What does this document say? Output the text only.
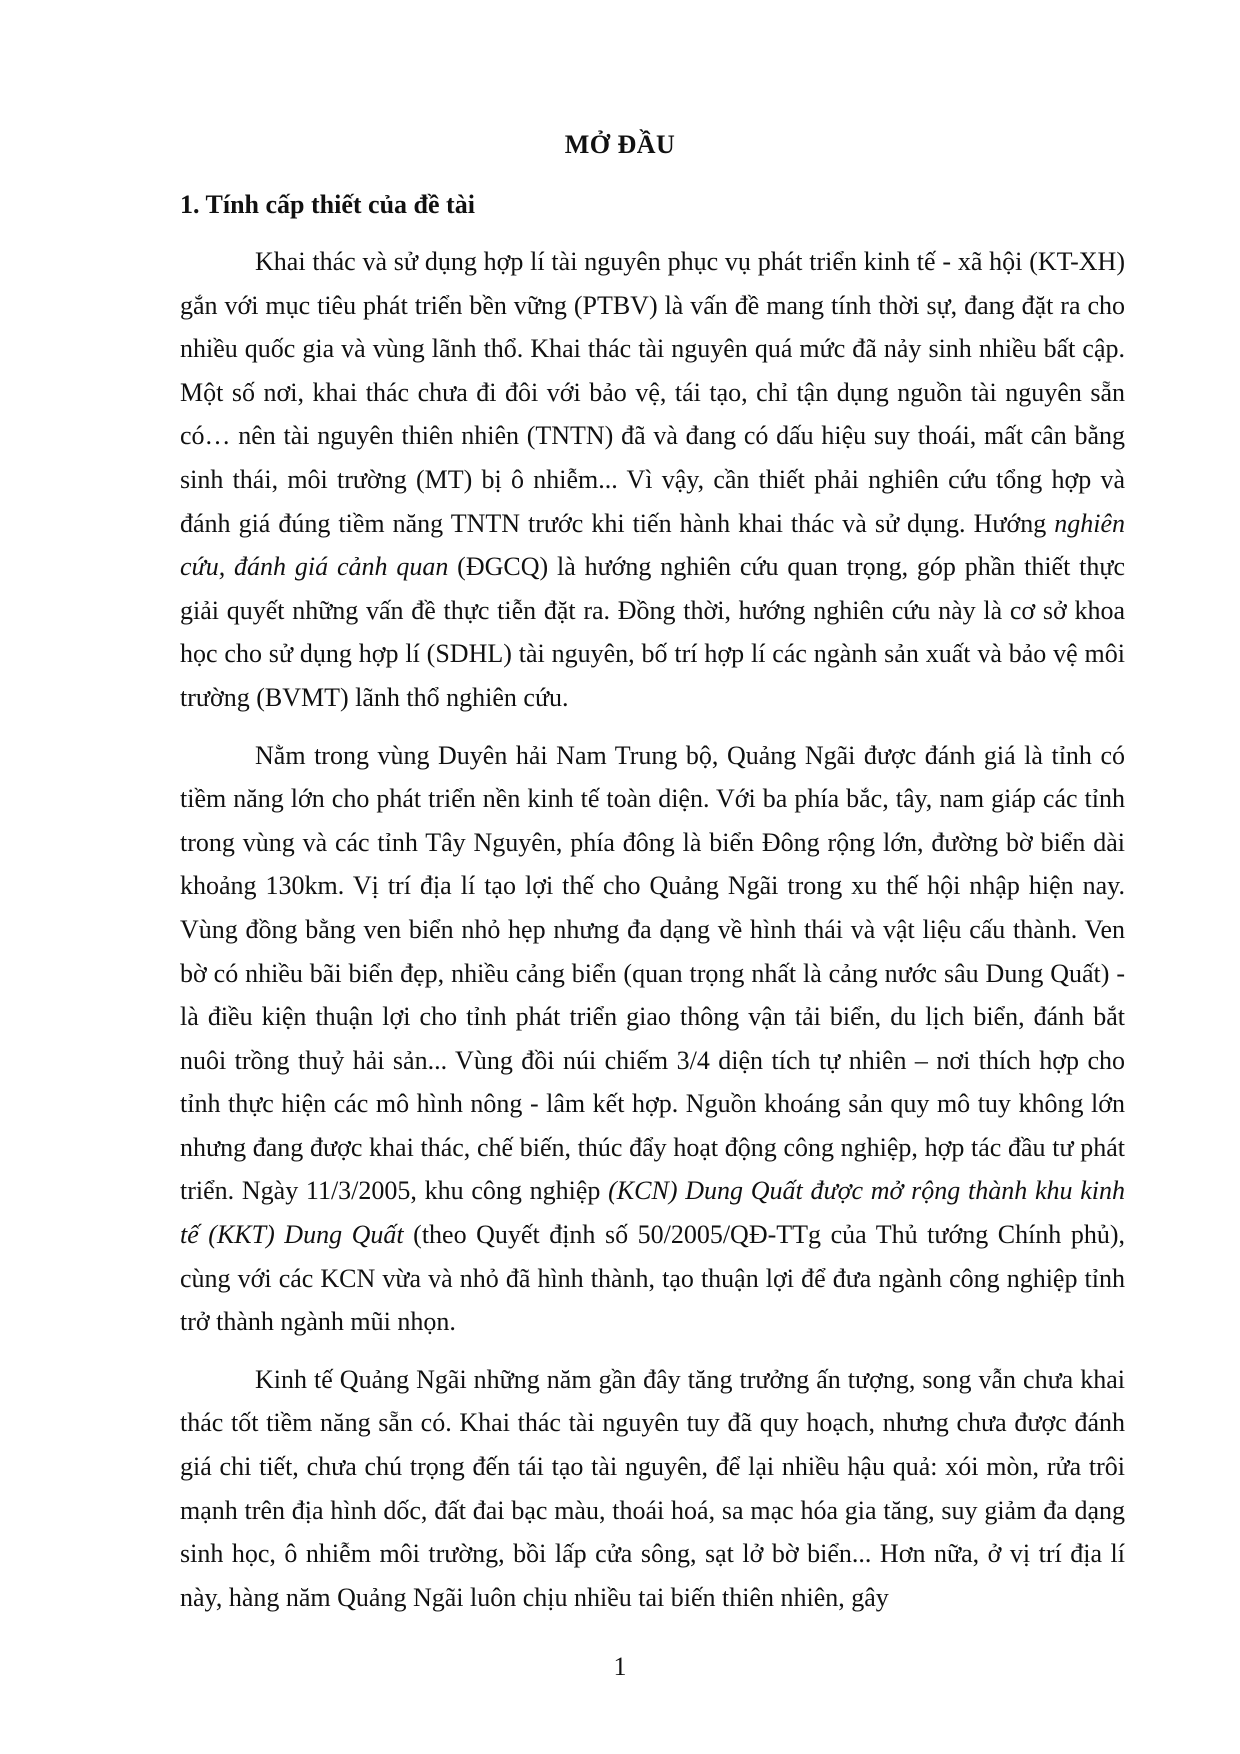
MỞ ĐẦU
1. Tính cấp thiết của đề tài

Khai thác và sử dụng hợp lí tài nguyên phục vụ phát triển kinh tế - xã hội (KT-XH) gắn với mục tiêu phát triển bền vững (PTBV) là vấn đề mang tính thời sự, đang đặt ra cho nhiều quốc gia và vùng lãnh thổ. Khai thác tài nguyên quá mức đã nảy sinh nhiều bất cập. Một số nơi, khai thác chưa đi đôi với bảo vệ, tái tạo, chỉ tận dụng nguồn tài nguyên sẵn có… nên tài nguyên thiên nhiên (TNTN) đã và đang có dấu hiệu suy thoái, mất cân bằng sinh thái, môi trường (MT) bị ô nhiễm... Vì vậy, cần thiết phải nghiên cứu tổng hợp và đánh giá đúng tiềm năng TNTN trước khi tiến hành khai thác và sử dụng. Hướng nghiên cứu, đánh giá cảnh quan (ĐGCQ) là hướng nghiên cứu quan trọng, góp phần thiết thực giải quyết những vấn đề thực tiễn đặt ra. Đồng thời, hướng nghiên cứu này là cơ sở khoa học cho sử dụng hợp lí (SDHL) tài nguyên, bố trí hợp lí các ngành sản xuất và bảo vệ môi trường (BVMT) lãnh thổ nghiên cứu.

Nằm trong vùng Duyên hải Nam Trung bộ, Quảng Ngãi được đánh giá là tỉnh có tiềm năng lớn cho phát triển nền kinh tế toàn diện. Với ba phía bắc, tây, nam giáp các tỉnh trong vùng và các tỉnh Tây Nguyên, phía đông là biển Đông rộng lớn, đường bờ biển dài khoảng 130km. Vị trí địa lí tạo lợi thế cho Quảng Ngãi trong xu thế hội nhập hiện nay. Vùng đồng bằng ven biển nhỏ hẹp nhưng đa dạng về hình thái và vật liệu cấu thành. Ven bờ có nhiều bãi biển đẹp, nhiều cảng biển (quan trọng nhất là cảng nước sâu Dung Quất) - là điều kiện thuận lợi cho tỉnh phát triển giao thông vận tải biển, du lịch biển, đánh bắt nuôi trồng thuỷ hải sản... Vùng đồi núi chiếm 3/4 diện tích tự nhiên – nơi thích hợp cho tỉnh thực hiện các mô hình nông - lâm kết hợp. Nguồn khoáng sản quy mô tuy không lớn nhưng đang được khai thác, chế biến, thúc đẩy hoạt động công nghiệp, hợp tác đầu tư phát triển. Ngày 11/3/2005, khu công nghiệp (KCN) Dung Quất được mở rộng thành khu kinh tế (KKT) Dung Quất (theo Quyết định số 50/2005/QĐ-TTg của Thủ tướng Chính phủ), cùng với các KCN vừa và nhỏ đã hình thành, tạo thuận lợi để đưa ngành công nghiệp tỉnh trở thành ngành mũi nhọn.

Kinh tế Quảng Ngãi những năm gần đây tăng trưởng ấn tượng, song vẫn chưa khai thác tốt tiềm năng sẵn có. Khai thác tài nguyên tuy đã quy hoạch, nhưng chưa được đánh giá chi tiết, chưa chú trọng đến tái tạo tài nguyên, để lại nhiều hậu quả: xói mòn, rửa trôi mạnh trên địa hình dốc, đất đai bạc màu, thoái hoá, sa mạc hóa gia tăng, suy giảm đa dạng sinh học, ô nhiễm môi trường, bồi lấp cửa sông, sạt lở bờ biển... Hơn nữa, ở vị trí địa lí này, hàng năm Quảng Ngãi luôn chịu nhiều tai biến thiên nhiên, gây

1
